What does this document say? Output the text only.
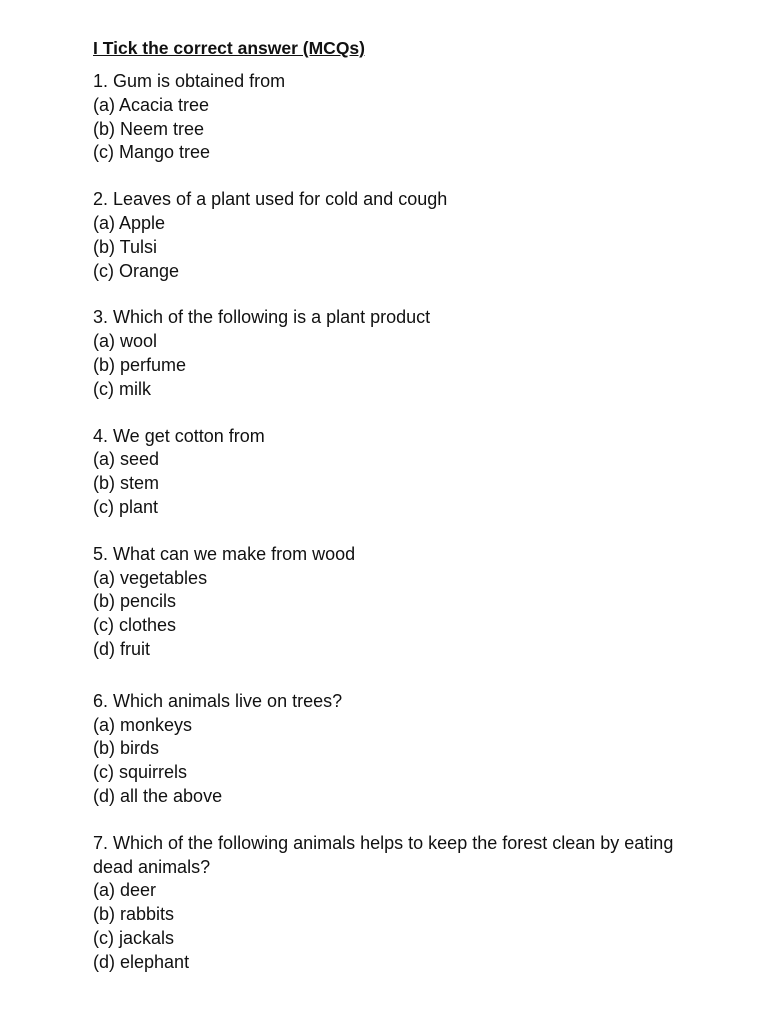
I Tick the correct answer (MCQs)
1. Gum is obtained from
(a) Acacia tree
(b) Neem tree
(c) Mango tree
2. Leaves of a plant used for cold and cough
(a) Apple
(b) Tulsi
(c) Orange
3. Which of the following is a plant product
(a) wool
(b) perfume
(c) milk
4. We get cotton from
(a) seed
(b) stem
(c) plant
5. What can we make from wood
(a) vegetables
(b) pencils
(c) clothes
(d) fruit
6. Which animals live on trees?
(a) monkeys
(b) birds
(c) squirrels
(d) all the above
7. Which of the following animals helps to keep the forest clean by eating dead animals?
(a) deer
(b) rabbits
(c) jackals
(d) elephant
